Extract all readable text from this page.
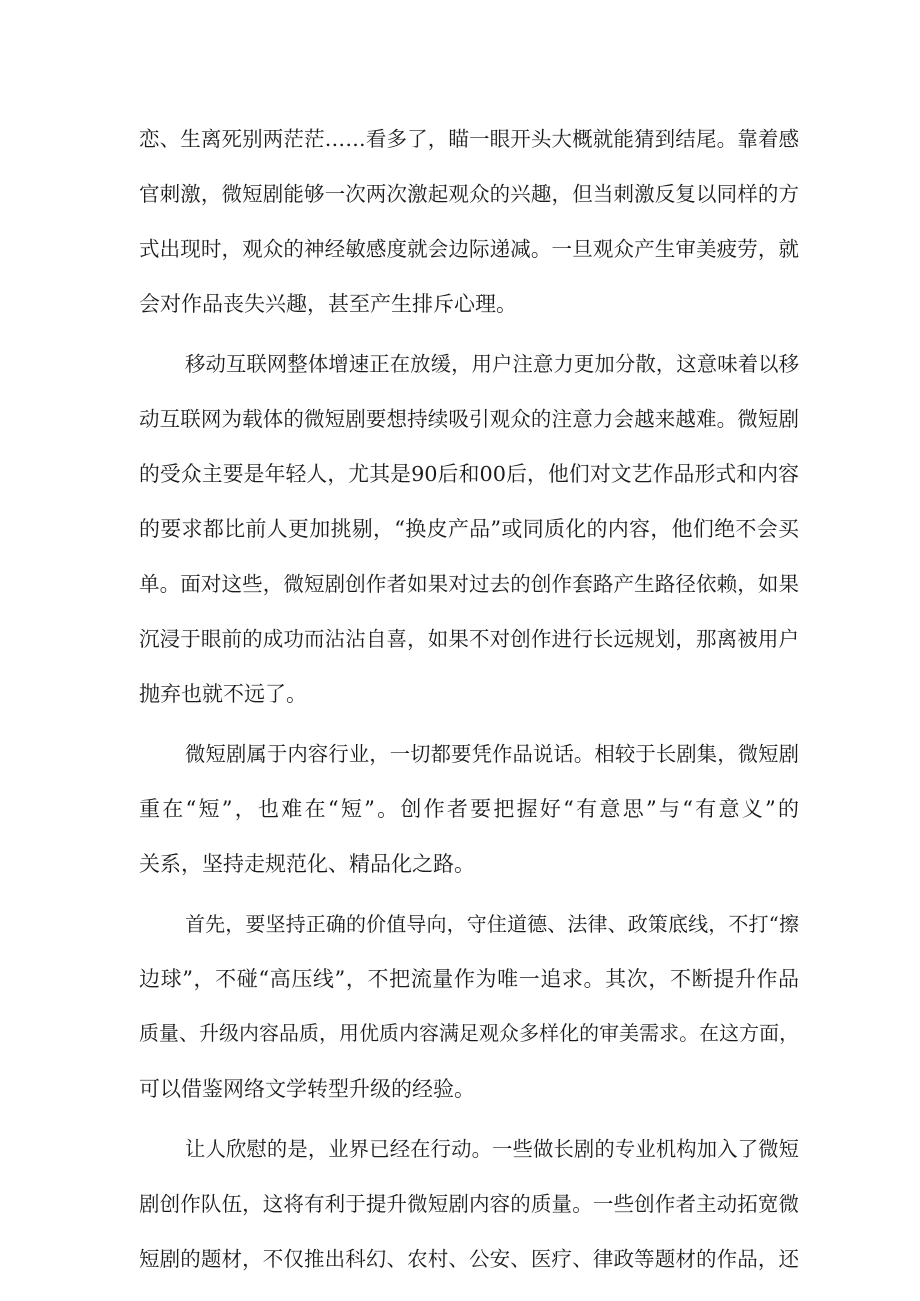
恋、生离死别两茫茫……看多了，瞄一眼开头大概就能猜到结尾。靠着感
官刺激，微短剧能够一次两次激起观众的兴趣，但当刺激反复以同样的方
式出现时，观众的神经敏感度就会边际递减。一旦观众产生审美疲劳，就
会对作品丧失兴趣，甚至产生排斥心理。
移动互联网整体增速正在放缓，用户注意力更加分散，这意味着以移
动互联网为载体的微短剧要想持续吸引观众的注意力会越来越难。微短剧
的受众主要是年轻人，尤其是90后和00后，他们对文艺作品形式和内容
的要求都比前人更加挑剔，“换皮产品”或同质化的内容，他们绝不会买
单。面对这些，微短剧创作者如果对过去的创作套路产生路径依赖，如果
沉浸于眼前的成功而沾沾自喜，如果不对创作进行长远规划，那离被用户
抛弃也就不远了。
微短剧属于内容行业，一切都要凭作品说话。相较于长剧集，微短剧
重在“短”，也难在“短”。创作者要把握好“有意思”与“有意义”的
关系，坚持走规范化、精品化之路。
首先，要坚持正确的价值导向，守住道德、法律、政策底线，不打“擦
边球”，不碰“高压线”，不把流量作为唯一追求。其次，不断提升作品
质量、升级内容品质，用优质内容满足观众多样化的审美需求。在这方面，
可以借鉴网络文学转型升级的经验。
让人欣慰的是，业界已经在行动。一些做长剧的专业机构加入了微短
剧创作队伍，这将有利于提升微短剧内容的质量。一些创作者主动拓宽微
短剧的题材，不仅推出科幻、农村、公安、医疗、律政等题材的作品，还
